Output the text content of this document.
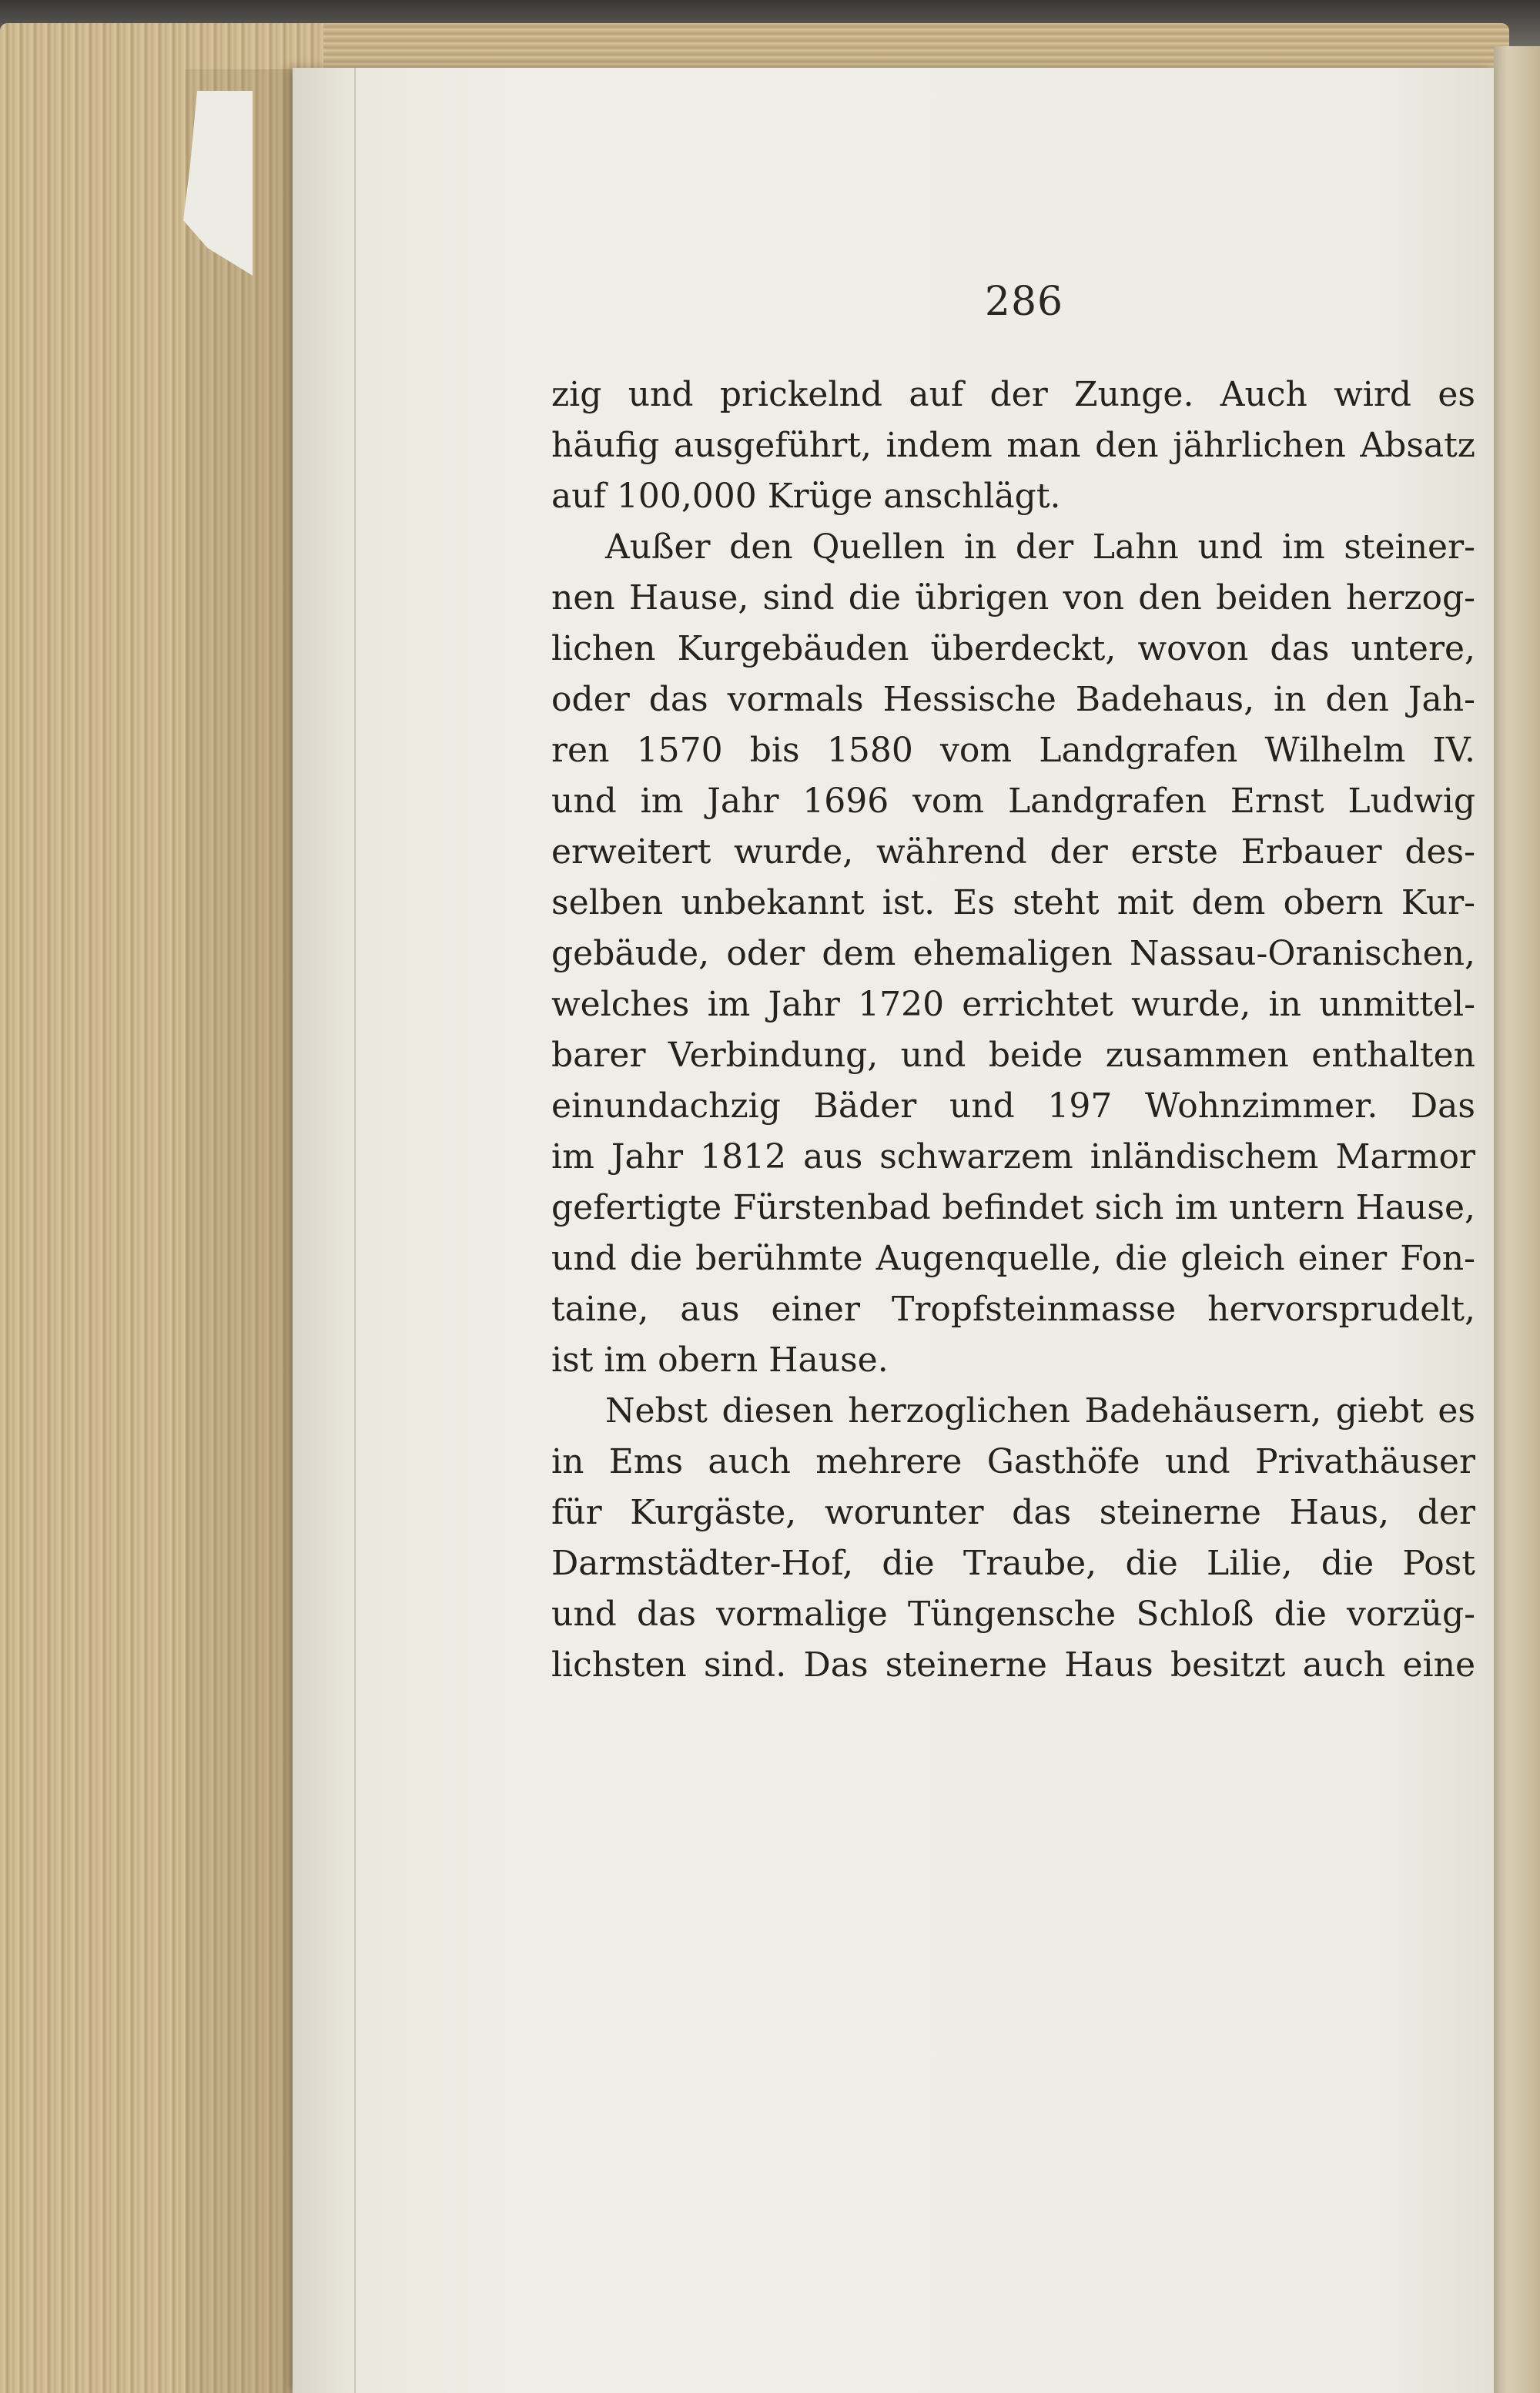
286
zig und prickelnd auf der Zunge. Auch wird es
häufig ausgeführt, indem man den jährlichen Absatz
auf 100,000 Krüge anschlägt.
Außer den Quellen in der Lahn und im steiner-
nen Hause, sind die übrigen von den beiden herzog-
lichen Kurgebäuden überdeckt, wovon das untere,
oder das vormals Hessische Badehaus, in den Jah-
ren 1570 bis 1580 vom Landgrafen Wilhelm IV.
und im Jahr 1696 vom Landgrafen Ernst Ludwig
erweitert wurde, während der erste Erbauer des-
selben unbekannt ist. Es steht mit dem obern Kur-
gebäude, oder dem ehemaligen Nassau-Oranischen,
welches im Jahr 1720 errichtet wurde, in unmittel-
barer Verbindung, und beide zusammen enthalten
einundachzig Bäder und 197 Wohnzimmer. Das
im Jahr 1812 aus schwarzem inländischem Marmor
gefertigte Fürstenbad befindet sich im untern Hause,
und die berühmte Augenquelle, die gleich einer Fon-
taine, aus einer Tropfsteinmasse hervorsprudelt,
ist im obern Hause.
Nebst diesen herzoglichen Badehäusern, giebt es
in Ems auch mehrere Gasthöfe und Privathäuser
für Kurgäste, worunter das steinerne Haus, der
Darmstädter-Hof, die Traube, die Lilie, die Post
und das vormalige Tüngensche Schloß die vorzüg-
lichsten sind. Das steinerne Haus besitzt auch eine
